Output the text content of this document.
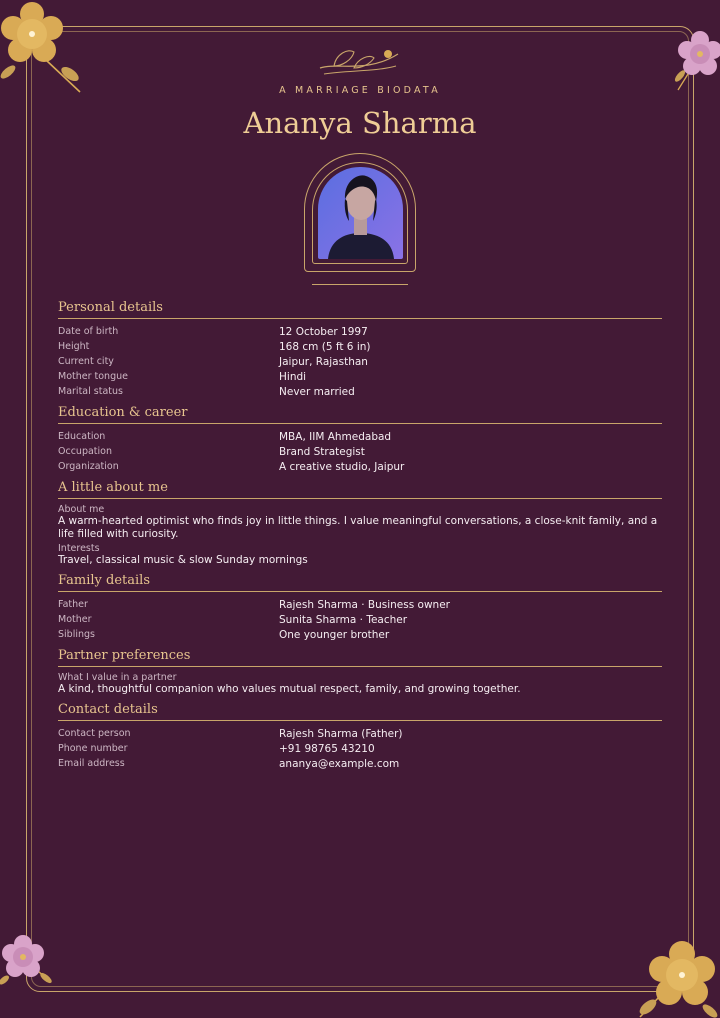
A MARRIAGE BIODATA
Ananya Sharma
Personal details
Date of birth	12 October 1997
Height	168 cm (5 ft 6 in)
Current city	Jaipur, Rajasthan
Mother tongue	Hindi
Marital status	Never married
Education & career
Education	MBA, IIM Ahmedabad
Occupation	Brand Strategist
Organization	A creative studio, Jaipur
A little about me
About me
A warm-hearted optimist who finds joy in little things. I value meaningful conversations, a close-knit family, and a life filled with curiosity.
Interests
Travel, classical music & slow Sunday mornings
Family details
Father	Rajesh Sharma · Business owner
Mother	Sunita Sharma · Teacher
Siblings	One younger brother
Partner preferences
What I value in a partner
A kind, thoughtful companion who values mutual respect, family, and growing together.
Contact details
Contact person	Rajesh Sharma (Father)
Phone number	+91 98765 43210
Email address	ananya@example.com
